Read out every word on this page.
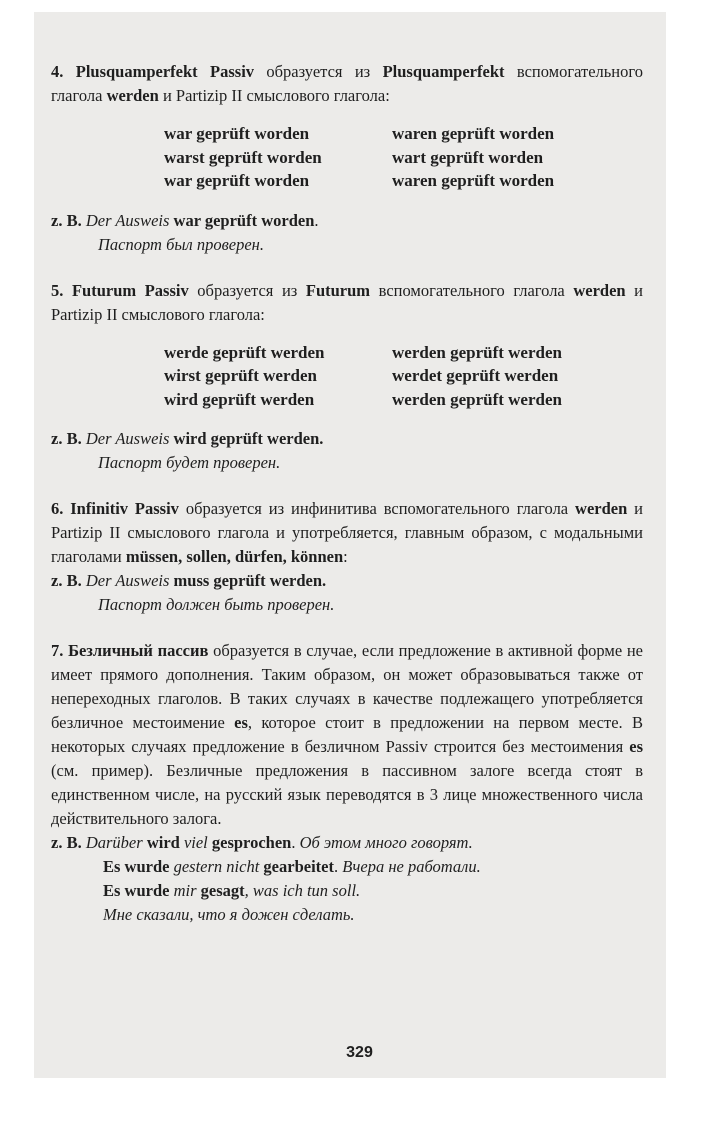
4. Plusquamperfekt Passiv образуется из Plusquamperfekt вспомогательного глагола werden и Partizip II смыслового глагола:

war geprüft worden	waren geprüft worden
warst geprüft worden	wart geprüft worden
war geprüft worden	waren geprüft worden
z. B. Der Ausweis war geprüft worden.
Паспорт был проверен.

5. Futurum Passiv образуется из Futurum вспомогательного глагола werden и Partizip II смыслового глагола:

werde geprüft werden	werden geprüft werden
wirst geprüft werden	werdet geprüft werden
wird geprüft werden	werden geprüft werden
z. B. Der Ausweis wird geprüft werden.
Паспорт будет проверен.

6. Infinitiv Passiv образуется из инфинитива вспомогательного глагола werden и Partizip II смыслового глагола и употребляется, главным образом, с модальными глаголами müssen, sollen, dürfen, können:

z. B. Der Ausweis muss geprüft werden.
Паспорт должен быть проверен.

7. Безличный пассив образуется в случае, если предложение в активной форме не имеет прямого дополнения. Таким образом, он может образовываться также от непереходных глаголов. В таких случаях в качестве подлежащего употребляется безличное местоимение es, которое стоит в предложении на первом месте. В некоторых случаях предложение в безличном Passiv строится без местоимения es (см. пример). Безличные предложения в пассивном залоге всегда стоят в единственном числе, на русский язык переводятся в 3 лице множественного числа действительного залога.

z. B. Darüber wird viel gesprochen. Об этом много говорят.
Es wurde gestern nicht gearbeitet. Вчера не работали.
Es wurde mir gesagt, was ich tun soll.
Мне сказали, что я дожен сделать.
329
